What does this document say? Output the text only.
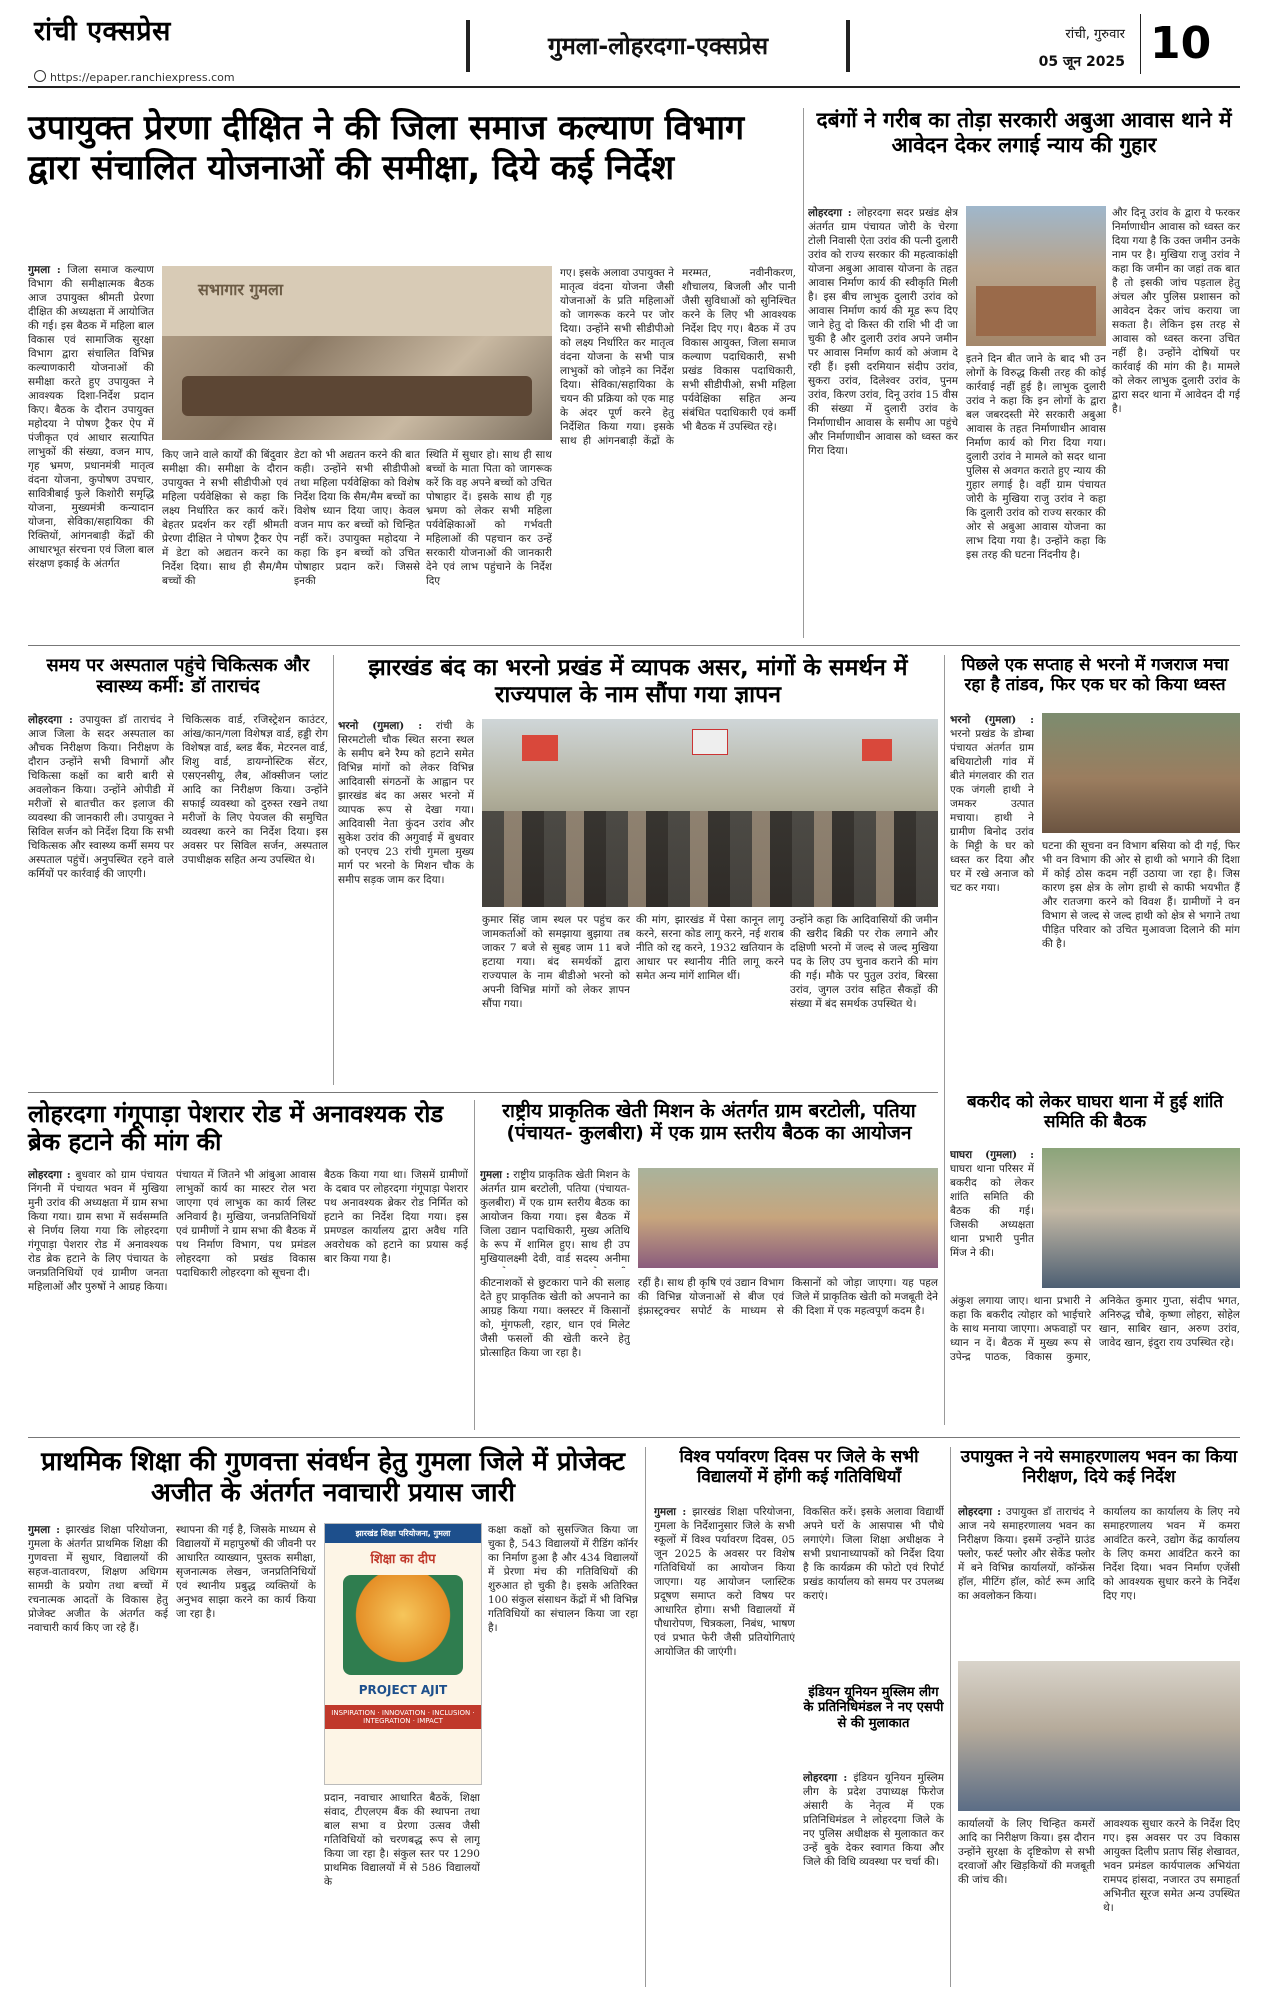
रांची एक्सप्रेस
https://epaper.ranchiexpress.com
गुमला-लोहरदगा-एक्सप्रेस	रांची, गुरुवार
05 जून 2025 10
उपायुक्त प्रेरणा दीक्षित ने की जिला समाज कल्याण विभाग द्वारा संचालित योजनाओं की समीक्षा, दिये कई निर्देश
गुमला : जिला समाज कल्याण विभाग की समीक्षात्मक बैठक आज उपायुक्त श्रीमती प्रेरणा दीक्षित की अध्यक्षता में आयोजित की गई। इस बैठक में महिला बाल विकास एवं सामाजिक सुरक्षा विभाग द्वारा संचालित विभिन्न कल्याणकारी योजनाओं की समीक्षा करते हुए उपायुक्त ने आवश्यक दिशा-निर्देश प्रदान किए। बैठक के दौरान उपायुक्त महोदया ने पोषण ट्रैकर ऐप में पंजीकृत एवं आधार सत्यापित लाभुकों की संख्या, वजन माप, गृह भ्रमण, प्रधानमंत्री मातृत्व वंदना योजना, कुपोषण उपचार, सावित्रीबाई फुले किशोरी समृद्धि योजना, मुख्यमंत्री कन्यादान योजना, सेविका/सहायिका की रिक्तियों, आंगनबाड़ी केंद्रों की आधारभूत संरचना एवं जिला बाल संरक्षण इकाई के अंतर्गत
सभागार गुमला
किए जाने वाले कार्यों की बिंदुवार समीक्षा की। समीक्षा के दौरान उपायुक्त ने सभी सीडीपीओ एवं महिला पर्यवेक्षिका से कहा कि लक्ष्य निर्धारित कर कार्य करें। बेहतर प्रदर्शन कर रहीं श्रीमती प्रेरणा दीक्षित ने पोषण ट्रैकर ऐप में डेटा को अद्यतन करने का निर्देश दिया। साथ ही सैम/मैम बच्चों की
डेटा को भी अद्यतन करने की बात कही। उन्होंने सभी सीडीपीओ तथा महिला पर्यवेक्षिका को विशेष निर्देश दिया कि सैम/मैम बच्चों का विशेष ध्यान दिया जाए। केवल वजन माप कर बच्चों को चिन्हित नहीं करें। उपायुक्त महोदया ने कहा कि इन बच्चों को उचित पोषाहार प्रदान करें। जिससे इनकी
स्थिति में सुधार हो। साथ ही साथ बच्चों के माता पिता को जागरूक करें कि वह अपने बच्चों को उचित पोषाहार दें। इसके साथ ही गृह भ्रमण को लेकर सभी महिला पर्यवेक्षिकाओं को गर्भवती महिलाओं की पहचान कर उन्हें सरकारी योजनाओं की जानकारी देने एवं लाभ पहुंचाने के निर्देश दिए
गए। इसके अलावा उपायुक्त ने मातृत्व वंदना योजना जैसी योजनाओं के प्रति महिलाओं को जागरूक करने पर जोर दिया। उन्होंने सभी सीडीपीओ को लक्ष्य निर्धारित कर मातृत्व वंदना योजना के सभी पात्र लाभुकों को जोड़ने का निर्देश दिया। सेविका/सहायिका के चयन की प्रक्रिया को एक माह के अंदर पूर्ण करने हेतु निर्देशित किया गया। इसके साथ ही आंगनबाड़ी केंद्रों के मरम्मत, नवीनीकरण, शौचालय, बिजली और पानी जैसी सुविधाओं को सुनिश्चित करने के लिए भी आवश्यक निर्देश दिए गए। बैठक में उप विकास आयुक्त, जिला समाज कल्याण पदाधिकारी, सभी प्रखंड विकास पदाधिकारी, सभी सीडीपीओ, सभी महिला पर्यवेक्षिका सहित अन्य संबंधित पदाधिकारी एवं कर्मी भी बैठक में उपस्थित रहे।
दबंगों ने गरीब का तोड़ा सरकारी अबुआ आवास थाने में आवेदन देकर लगाई न्याय की गुहार
लोहरदगा : लोहरदगा सदर प्रखंड क्षेत्र अंतर्गत ग्राम पंचायत जोरी के चेरगा टोली निवासी ऐता उरांव की पत्नी दुलारी उरांव को राज्य सरकार की महत्वाकांक्षी योजना अबुआ आवास योजना के तहत आवास निर्माण कार्य की स्वीकृति मिली है। इस बीच लाभुक दुलारी उरांव को आवास निर्माण कार्य की मूड रूप दिए जाने हेतु दो किस्त की राशि भी दी जा चुकी है और दुलारी उरांव अपने जमीन पर आवास निर्माण कार्य को अंजाम दे रही हैं। इसी दरमियान संदीप उरांव, सुकरा उरांव, दिलेश्वर उरांव, पुनम उरांव, किरण उरांव, दिनू उरांव 15 वीस की संख्या में दुलारी उरांव के निर्माणाधीन आवास के समीप आ पहुंचे और निर्माणाधीन आवास को ध्वस्त कर गिरा दिया।
इतने दिन बीत जाने के बाद भी उन लोगों के विरुद्ध किसी तरह की कोई कार्रवाई नहीं हुई है। लाभुक दुलारी उरांव ने कहा कि इन लोगों के द्वारा बल जबरदस्ती मेरे सरकारी अबुआ आवास के तहत निर्माणाधीन आवास निर्माण कार्य को गिरा दिया गया। दुलारी उरांव ने मामले को सदर थाना पुलिस से अवगत कराते हुए न्याय की गुहार लगाई है। वहीं ग्राम पंचायत जोरी के मुखिया राजु उरांव ने कहा कि दुलारी उरांव को राज्य सरकार की ओर से अबुआ आवास योजना का लाभ दिया गया है। उन्होंने कहा कि इस तरह की घटना निंदनीय है।
और दिनू उरांव के द्वारा ये फरकर निर्माणाधीन आवास को ध्वस्त कर दिया गया है कि उक्त जमीन उनके नाम पर है। मुखिया राजु उरांव ने कहा कि जमीन का जहां तक बात है तो इसकी जांच पड़ताल हेतु अंचल और पुलिस प्रशासन को आवेदन देकर जांच कराया जा सकता है। लेकिन इस तरह से आवास को ध्वस्त करना उचित नहीं है। उन्होंने दोषियों पर कार्रवाई की मांग की है। मामले को लेकर लाभुक दुलारी उरांव के द्वारा सदर थाना में आवेदन दी गई है।
समय पर अस्पताल पहुंचे चिकित्सक और स्वास्थ्य कर्मी: डॉ ताराचंद
लोहरदगा : उपायुक्त डॉ ताराचंद ने आज जिला के सदर अस्पताल का औचक निरीक्षण किया। निरीक्षण के दौरान उन्होंने सभी विभागों और चिकित्सा कक्षों का बारी बारी से अवलोकन किया। उन्होंने ओपीडी में मरीजों से बातचीत कर इलाज की व्यवस्था की जानकारी ली। उपायुक्त ने सिविल सर्जन को निर्देश दिया कि सभी चिकित्सक और स्वास्थ्य कर्मी समय पर अस्पताल पहुंचें। अनुपस्थित रहने वाले कर्मियों पर कार्रवाई की जाएगी।
चिकित्सक वार्ड, रजिस्ट्रेशन काउंटर, आंख/कान/गला विशेषज्ञ वार्ड, हड्डी रोग विशेषज्ञ वार्ड, ब्लड बैंक, मेटरनल वार्ड, शिशु वार्ड, डायग्नोस्टिक सेंटर, एसएनसीयू, लैब, ऑक्सीजन प्लांट आदि का निरीक्षण किया। उन्होंने सफाई व्यवस्था को दुरुस्त रखने तथा मरीजों के लिए पेयजल की समुचित व्यवस्था करने का निर्देश दिया। इस अवसर पर सिविल सर्जन, अस्पताल उपाधीक्षक सहित अन्य उपस्थित थे।
झारखंड बंद का भरनो प्रखंड में व्यापक असर, मांगों के समर्थन में राज्यपाल के नाम सौंपा गया ज्ञापन
भरनो (गुमला) : रांची के सिरमटोली चौक स्थित सरना स्थल के समीप बने रैम्प को हटाने समेत विभिन्न मांगों को लेकर विभिन्न आदिवासी संगठनों के आह्वान पर झारखंड बंद का असर भरनो में व्यापक रूप से देखा गया। आदिवासी नेता कुंदन उरांव और सुकेश उरांव की अगुवाई में बुधवार को एनएच 23 रांची गुमला मुख्य मार्ग पर भरनो के मिशन चौक के समीप सड़क जाम कर दिया।
कुमार सिंह जाम स्थल पर पहुंच कर जामकर्ताओं को समझाया बुझाया तब जाकर 7 बजे से सुबह जाम 11 बजे हटाया गया। बंद समर्थकों द्वारा राज्यपाल के नाम बीडीओ भरनो को अपनी विभिन्न मांगों को लेकर ज्ञापन सौंपा गया।
की मांग, झारखंड में पेसा कानून लागू करने, सरना कोड लागू करने, नई शराब नीति को रद्द करने, 1932 खतियान के आधार पर स्थानीय नीति लागू करने समेत अन्य मांगें शामिल थीं।
उन्होंने कहा कि आदिवासियों की जमीन की खरीद बिक्री पर रोक लगाने और दक्षिणी भरनो में जल्द से जल्द मुखिया पद के लिए उप चुनाव कराने की मांग की गई। मौके पर पुतुल उरांव, बिरसा उरांव, जुगल उरांव सहित सैकड़ों की संख्या में बंद समर्थक उपस्थित थे।
पिछले एक सप्ताह से भरनो में गजराज मचा रहा है तांडव, फिर एक घर को किया ध्वस्त
भरनो (गुमला) : भरनो प्रखंड के डोम्बा पंचायत अंतर्गत ग्राम बधियाटोली गांव में बीते मंगलवार की रात एक जंगली हाथी ने जमकर उत्पात मचाया। हाथी ने ग्रामीण बिनोद उरांव के मिट्टी के घर को ध्वस्त कर दिया और घर में रखे अनाज को चट कर गया।
घटना की सूचना वन विभाग बसिया को दी गई, फिर भी वन विभाग की ओर से हाथी को भगाने की दिशा में कोई ठोस कदम नहीं उठाया जा रहा है। जिस कारण इस क्षेत्र के लोग हाथी से काफी भयभीत हैं और रातजगा करने को विवश हैं। ग्रामीणों ने वन विभाग से जल्द से जल्द हाथी को क्षेत्र से भगाने तथा पीड़ित परिवार को उचित मुआवजा दिलाने की मांग की है।
लोहरदगा गंगूपाड़ा पेशरार रोड में अनावश्यक रोड ब्रेक हटाने की मांग की
लोहरदगा : बुधवार को ग्राम पंचायत निंगनी में पंचायत भवन में मुखिया मुनी उरांव की अध्यक्षता में ग्राम सभा किया गया। ग्राम सभा में सर्वसम्मति से निर्णय लिया गया कि लोहरदगा गंगूपाड़ा पेशरार रोड में अनावश्यक रोड ब्रेक हटाने के लिए पंचायत के जनप्रतिनिधियों एवं ग्रामीण जनता महिलाओं और पुरुषों ने आग्रह किया।
पंचायत में जितने भी आंबुआ आवास लाभुकों कार्य का मास्टर रोल भरा जाएगा एवं लाभुक का कार्य लिस्ट अनिवार्य है। मुखिया, जनप्रतिनिधियों एवं ग्रामीणों ने ग्राम सभा की बैठक में पथ निर्माण विभाग, पथ प्रमंडल लोहरदगा को प्रखंड विकास पदाधिकारी लोहरदगा को सूचना दी।
बैठक किया गया था। जिसमें ग्रामीणों के दबाव पर लोहरदगा गंगूपाड़ा पेशरार पथ अनावश्यक ब्रेकर रोड निर्मित को हटाने का निर्देश दिया गया। इस प्रमण्डल कार्यालय द्वारा अवैध गति अवरोधक को हटाने का प्रयास कई बार किया गया है।
राष्ट्रीय प्राकृतिक खेती मिशन के अंतर्गत ग्राम बरटोली, पतिया (पंचायत- कुलबीरा) में एक ग्राम स्तरीय बैठक का आयोजन
गुमला : राष्ट्रीय प्राकृतिक खेती मिशन के अंतर्गत ग्राम बरटोली, पतिया (पंचायत-कुलबीरा) में एक ग्राम स्तरीय बैठक का आयोजन किया गया। इस बैठक में जिला उद्यान पदाधिकारी, मुख्य अतिथि के रूप में शामिल हुए। साथ ही उप मुखियालक्ष्मी देवी, वार्ड सदस्य अनीमा
कीटनाशकों से छुटकारा पाने की सलाह देते हुए प्राकृतिक खेती को अपनाने का आग्रह किया गया। क्लस्टर में किसानों को, मुंगफली, रहार, धान एवं मिलेट जैसी फसलों की खेती करने हेतु प्रोत्साहित किया जा रहा है।
रहीं है। साथ ही कृषि एवं उद्यान विभाग की विभिन्न योजनाओं से बीज एवं इंफ्रास्ट्रक्चर सपोर्ट के माध्यम से किसानों को जोड़ा जाएगा। यह पहल जिले में प्राकृतिक खेती को मजबूती देने की दिशा में एक महत्वपूर्ण कदम है।
बकरीद को लेकर घाघरा थाना में हुई शांति समिति की बैठक
घाघरा (गुमला) : घाघरा थाना परिसर में बकरीद को लेकर शांति समिति की बैठक की गई। जिसकी अध्यक्षता थाना प्रभारी पुनीत मिंज ने की।
अंकुश लगाया जाए। थाना प्रभारी ने कहा कि बकरीद त्योहार को भाईचारे के साथ मनाया जाएगा। अफवाहों पर ध्यान न दें। बैठक में मुख्य रूप से उपेन्द्र पाठक, विकास कुमार, अनिकेत कुमार गुप्ता, संदीप भगत, अनिरुद्ध चौबे, कृष्णा लोहरा, सोहेल खान, साबिर खान, अरुण उरांव, जावेद खान, इंदुरा राय उपस्थित रहे।
प्राथमिक शिक्षा की गुणवत्ता संवर्धन हेतु गुमला जिले में प्रोजेक्ट अजीत के अंतर्गत नवाचारी प्रयास जारी
गुमला : झारखंड शिक्षा परियोजना, गुमला के अंतर्गत प्राथमिक शिक्षा की गुणवत्ता में सुधार, विद्यालयों की सहज-वातावरण, शिक्षण अधिगम सामग्री के प्रयोग तथा बच्चों में रचनात्मक आदतों के विकास हेतु प्रोजेक्ट अजीत के अंतर्गत कई नवाचारी कार्य किए जा रहे हैं।
स्थापना की गई है, जिसके माध्यम से विद्यालयों में महापुरुषों की जीवनी पर आधारित व्याख्यान, पुस्तक समीक्षा, सृजनात्मक लेखन, जनप्रतिनिधियों एवं स्थानीय प्रबुद्ध व्यक्तियों के अनुभव साझा करने का कार्य किया जा रहा है।
झारखंड शिक्षा परियोजना, गुमला
शिक्षा का दीप
PROJECT AJIT
INSPIRATION · INNOVATION · INCLUSION · INTEGRATION · IMPACT
प्रदान, नवाचार आधारित बैठकें, शिक्षा संवाद, टीएलएम बैंक की स्थापना तथा बाल सभा व प्रेरणा उत्सव जैसी गतिविधियों को चरणबद्ध रूप से लागू किया जा रहा है। संकुल स्तर पर 1290 प्राथमिक विद्यालयों में से 586 विद्यालयों के
कक्षा कक्षों को सुसज्जित किया जा चुका है, 543 विद्यालयों में रीडिंग कॉर्नर का निर्माण हुआ है और 434 विद्यालयों में प्रेरणा मंच की गतिविधियों की शुरुआत हो चुकी है। इसके अतिरिक्त 100 संकुल संसाधन केंद्रों में भी विभिन्न गतिविधियों का संचालन किया जा रहा है।
विश्व पर्यावरण दिवस पर जिले के सभी विद्यालयों में होंगी कई गतिविधियाँ
गुमला : झारखंड शिक्षा परियोजना, गुमला के निर्देशानुसार जिले के सभी स्कूलों में विश्व पर्यावरण दिवस, 05 जून 2025 के अवसर पर विशेष गतिविधियों का आयोजन किया जाएगा। यह आयोजन प्लास्टिक प्रदूषण समाप्त करो विषय पर आधारित होगा। सभी विद्यालयों में पौधारोपण, चित्रकला, निबंध, भाषण एवं प्रभात फेरी जैसी प्रतियोगिताएं आयोजित की जाएंगी।
विकसित करें। इसके अलावा विद्यार्थी अपने घरों के आसपास भी पौधे लगाएंगे। जिला शिक्षा अधीक्षक ने सभी प्रधानाध्यापकों को निर्देश दिया है कि कार्यक्रम की फोटो एवं रिपोर्ट प्रखंड कार्यालय को समय पर उपलब्ध कराएं।
इंडियन यूनियन मुस्लिम लीग के प्रतिनिधिमंडल ने नए एसपी से की मुलाकात
लोहरदगा : इंडियन यूनियन मुस्लिम लीग के प्रदेश उपाध्यक्ष फिरोज अंसारी के नेतृत्व में एक प्रतिनिधिमंडल ने लोहरदगा जिले के नए पुलिस अधीक्षक से मुलाकात कर उन्हें बुके देकर स्वागत किया और जिले की विधि व्यवस्था पर चर्चा की।
उपायुक्त ने नये समाहरणालय भवन का किया निरीक्षण, दिये कई निर्देश
लोहरदगा : उपायुक्त डॉ ताराचंद ने आज नये समाहरणालय भवन का निरीक्षण किया। इसमें उन्होंने ग्राउंड फ्लोर, फर्स्ट फ्लोर और सेकेंड फ्लोर में बने विभिन्न कार्यालयों, कॉन्फ्रेंस हॉल, मीटिंग हॉल, कोर्ट रूम आदि का अवलोकन किया।
कार्यालय का कार्यालय के लिए नये समाहरणालय भवन में कमरा आवंटित करने, उद्योग केंद्र कार्यालय के लिए कमरा आवंटित करने का निर्देश दिया। भवन निर्माण एजेंसी को आवश्यक सुधार करने के निर्देश दिए गए।
कार्यालयों के लिए चिन्हित कमरों आदि का निरीक्षण किया। इस दौरान उन्होंने सुरक्षा के दृष्टिकोण से सभी दरवाजों और खिड़कियों की मजबूती की जांच की।
आवश्यक सुधार करने के निर्देश दिए गए। इस अवसर पर उप विकास आयुक्त दिलीप प्रताप सिंह शेखावत, भवन प्रमंडल कार्यपालक अभियंता रामपद हांसदा, नजारत उप समाहर्ता अभिनीत सूरज समेत अन्य उपस्थित थे।
